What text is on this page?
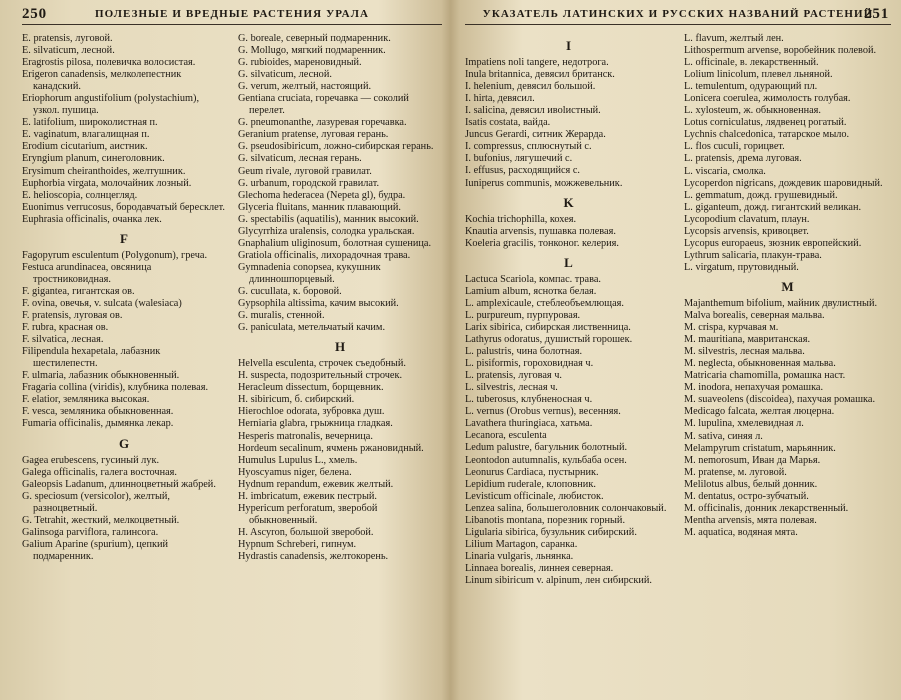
250	ПОЛЕЗНЫЕ И ВРЕДНЫЕ РАСТЕНИЯ УРАЛА
E. pratensis, луговой.
E. silvaticum, лесной.
Eragrostis pilosa, полевичка волосистая.
Erigeron canadensis, мелколепестник канадский.
Eriophorum angustifolium (polystachium), узкол. пушица.
E. latifolium, широколистная п.
E. vaginatum, влагалищная п.
Erodium cicutarium, аистник.
Eryngium planum, синеголовник.
Erysimum cheiranthoides, желтушник.
Euphorbia virgata, молочайник лозный.
E. helioscopia, солнцегляд.
Euonimus verrucosus, бородавчатый бересклет.
Euphrasia officinalis, очанка лек.
F
Fagopyrum esculentum (Polygonum), гречa.
Festuca arundinacea, овсяница тростниковидная.
F. gigantea, гигантская ов.
F. ovina, овечья, v. sulcata (walesiaca)
F. pratensis, луговая ов.
F. rubra, красная ов.
F. silvatica, лесная.
Filipendula hexapetala, лабазник шестилепестн.
F. ulmaria, лабазник обыкновенный.
Fragaria collina (viridis), клубника полевая.
F. elatior, земляника высокая.
F. vesca, земляника обыкновенная.
Fumaria officinalis, дымянка лекар.
G
Gagea erubescens, гусиный лук.
Galega officinalis, галега восточная.
Galeopsis Ladanum, длинноцветный жабрей.
G. speciosum (versicolor), желтый, разноцветный.
G. Tetrahit, жесткий, мелкоцветный.
Galinsoga parviflora, галинсога.
Galium Aparine (spurium), цепкий подмаренник.
G. boreale, северный подмаренник.
G. Mollugo, мягкий подмаренник.
G. rubioides, мареновидный.
G. silvaticum, лесной.
G. verum, желтый, настоящий.
Gentiana cruciata, горечавка — соколий перелет.
G. pneumonanthe, лазуревая горечавка.
Geranium pratense, луговая герань.
G. pseudosibiricum, ложно-сибирская герань.
G. silvaticum, лесная герань.
Geum rivale, луговой гравилат.
G. urbanum, городской гравилат.
Glechoma hederacea (Nepeta gl), будра.
Glyceria fluitans, манник плавающий.
G. spectabilis (aquatilis), манник высокий.
Glycyrrhiza uralensis, солодка уральская.
Gnaphalium uliginosum, болотная сушеница.
Gratiola officinalis, лихорадочная трава.
Gymnadenia conopsea, кукушник длинношпорцевый.
G. cucullata, к. боровой.
Gypsophila altissima, качим высокий.
G. muralis, стенной.
G. paniculata, метельчатый качим.
H
Helvella esculenta, строчек съедобный.
H. suspecta, подозрительный строчек.
Heracleum dissectum, борщевник.
H. sibiricum, б. сибирский.
Hierochloe odorata, зубровка душ.
Herniaria glabra, грыжница гладкая.
Hesperis matronalis, вечерница.
Hordeum secalinum, ячмень ржановидный.
Humulus Lupulus L., хмель.
Hyoscyamus niger, белена.
Hydnum repandum, ежевик желтый.
H. imbricatum, ежевик пестрый.
Hypericum perforatum, зверобой обыкновенный.
H. Ascyron, большой зверобой.
Hypnum Schreberi, гипнум.
Hydrastis canadensis, желтокорень.
УКАЗАТЕЛЬ ЛАТИНСКИХ И РУССКИХ НАЗВАНИЙ РАСТЕНИЙ
251
I
Impatiens noli tangere, недотрога.
Inula britannica, девясил британск.
I. helenium, девясил большой.
I. hirta, девясил.
I. salicina, девясил ивolистный.
Isatis costata, вайда.
Juncus Gerardi, ситник Жерарда.
I. compressus, сплюснутый с.
I. bufonius, лягушечий с.
I. effusus, расходящийся с.
Iuniperus communis, можжевельник.
K
Kochia trichophilla, кохея.
Knautia arvensis, пушавка полевая.
Koeleria gracilis, тонконог. келерия.
L
Lactuca Scariola, компас. трава.
Lamium album, яснотка белая.
L. amplexicaule, стеблеобъемлющая.
L. purpureum, пурпуровая.
Larix sibirica, сибирская лиственница.
Lathyrus odoratus, душистый горошек.
L. palustris, чина болотная.
L. pisiformis, гороховидная ч.
L. pratensis, луговая ч.
L. silvestris, лесная ч.
L. tuberosus, клубненосная ч.
L. vernus (Orobus vernus), весенняя.
Lavathera thuringiaca, хатьма.
Lecanora, esculenta
Ledum palustre, багульник болотный.
Leontodon autumnalis, кульбаба осен.
Leonurus Cardiaca, пустырник.
Lepidium ruderale, клоповник.
Levisticum officinale, любисток.
Lenzea salina, большеголовник солончаковый.
Libanotis montana, порезник горный.
Ligularia sibirica, бузульник сибирский.
Lilium Martagon, саранка.
Linaria vulgaris, льнянка.
Linnaea borealis, линнея северная.
Linum sibiricum v. alpinum, лен сибирский.
L. flavum, желтый лен.
Lithospermum arvense, воробейник полевой.
L. officinale, в. лекарственный.
Lolium linicolum, плевел льняной.
L. temulentum, одурающий пл.
Lonicera coerulea, жимолость голубая.
L. xylosteum, ж. обыкновенная.
Lotus corniculatus, лядвенец рогатый.
Lychnis chalcedonica, татарское мыло.
L. flos cuculi, горицвет.
L. pratensis, дрема луговая.
L. viscaria, смолка.
Lycoperdon nigricans, дождевик шаровидный.
L. gemmatum, дожд. грушевидный.
L. giganteum, дожд. гигантский великан.
Lycopodium clavatum, плаун.
Lycopsis arvensis, кривоцвет.
Lycopus europaeus, зюзник европейский.
Lythrum salicaria, плакун-трава.
L. virgatum, прутовидный.
M
Majanthemum bifolium, майник двулистный.
Malva borealis, северная мальва.
M. crispa, курчавая м.
M. mauritiana, мавританская.
M. silvestris, лесная мальва.
M. neglecta, обыкновенная мальва.
Matricaria chamomilla, ромашка наст.
M. inodora, непахучая ромашка.
M. suaveolens (discoidea), пахучая ромашка.
Medicago falcata, желтая люцерна.
M. lupulina, хмелевидная л.
M. sativa, синяя л.
Melampyrum cristatum, марьянник.
M. nemorosum, Иван да Марья.
M. pratense, м. луговой.
Melilotus albus, белый донник.
M. dentatus, остро-зубчатый.
M. officinalis, донник лекарственный.
Mentha arvensis, мята полевая.
M. aquatica, водяная мята.
